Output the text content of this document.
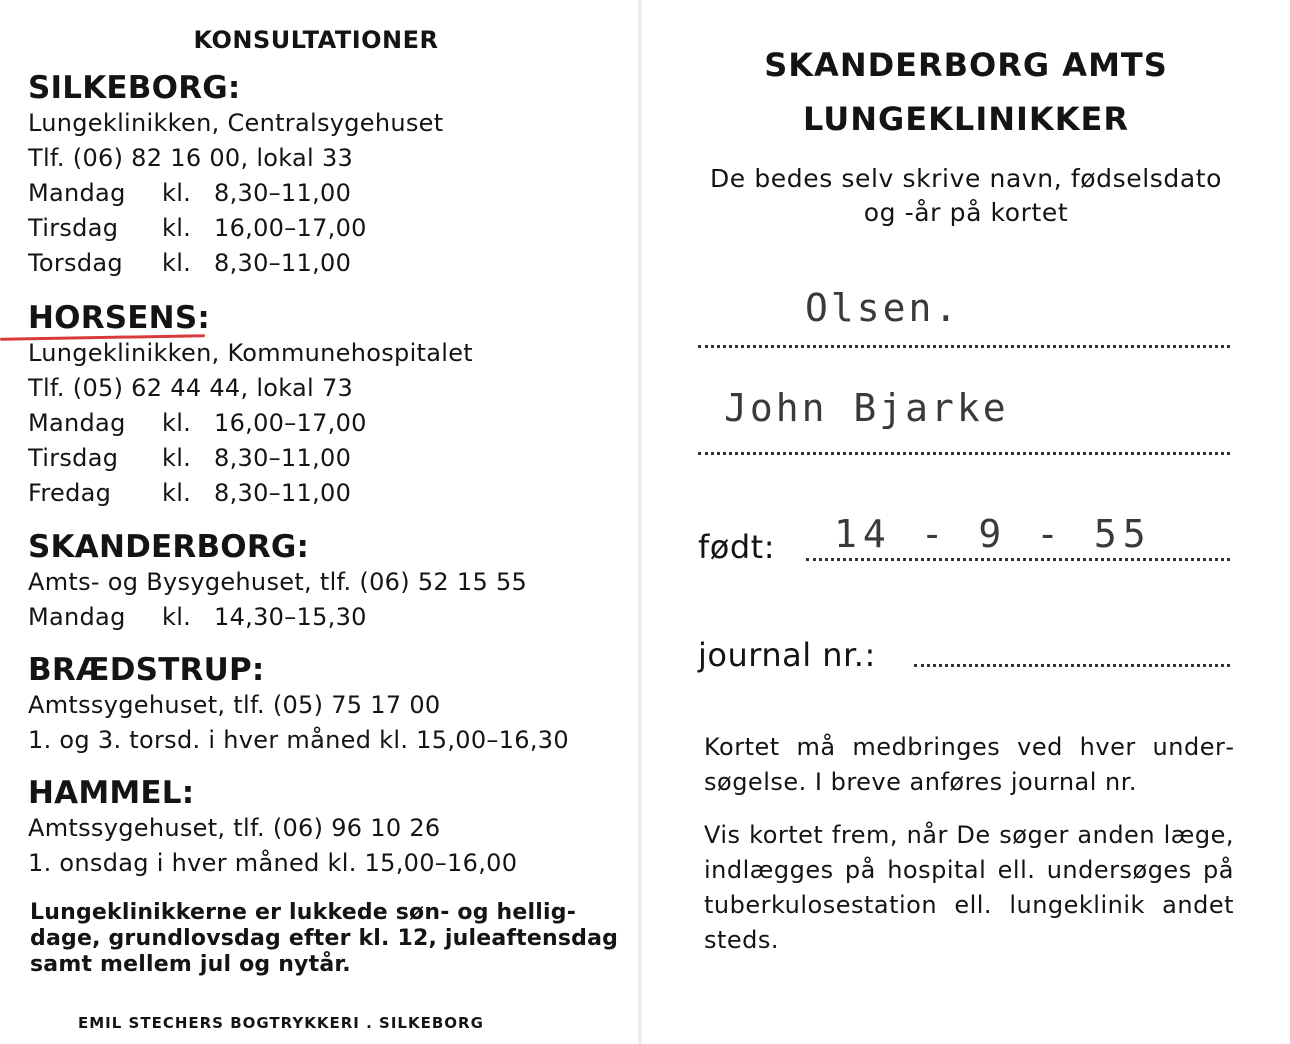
KONSULTATIONER
SILKEBORG:
Lungeklinikken, Centralsygehuset
Tlf. (06) 82 16 00, lokal 33
Mandag kl. 8,30–11,00
Tirsdag kl. 16,00–17,00
Torsdag kl. 8,30–11,00
HORSENS:
Lungeklinikken, Kommunehospitalet
Tlf. (05) 62 44 44, lokal 73
Mandag kl. 16,00–17,00
Tirsdag kl. 8,30–11,00
Fredag kl. 8,30–11,00
SKANDERBORG:
Amts- og Bysygehuset, tlf. (06) 52 15 55
Mandag kl. 14,30–15,30
BRÆDSTRUP:
Amtssygehuset, tlf. (05) 75 17 00
1. og 3. torsd. i hver måned kl. 15,00–16,30
HAMMEL:
Amtssygehuset, tlf. (06) 96 10 26
1. onsdag i hver måned kl. 15,00–16,00
Lungeklinikkerne er lukkede søn- og helligdage, grundlovsdag efter kl. 12, juleaftensdag samt mellem jul og nytår.
EMIL STECHERS BOGTRYKKERI . SILKEBORG
SKANDERBORG AMTS
LUNGEKLINIKKER
De bedes selv skrive navn, fødselsdato
og -år på kortet
Olsen.
John Bjarke
født: 14 - 9 - 55
journal nr.:
Kortet må medbringes ved hver undersøgelse. I breve anføres journal nr.
Vis kortet frem, når De søger anden læge, indlægges på hospital ell. undersøges på tuberkulosestation ell. lungeklinik andet steds.
